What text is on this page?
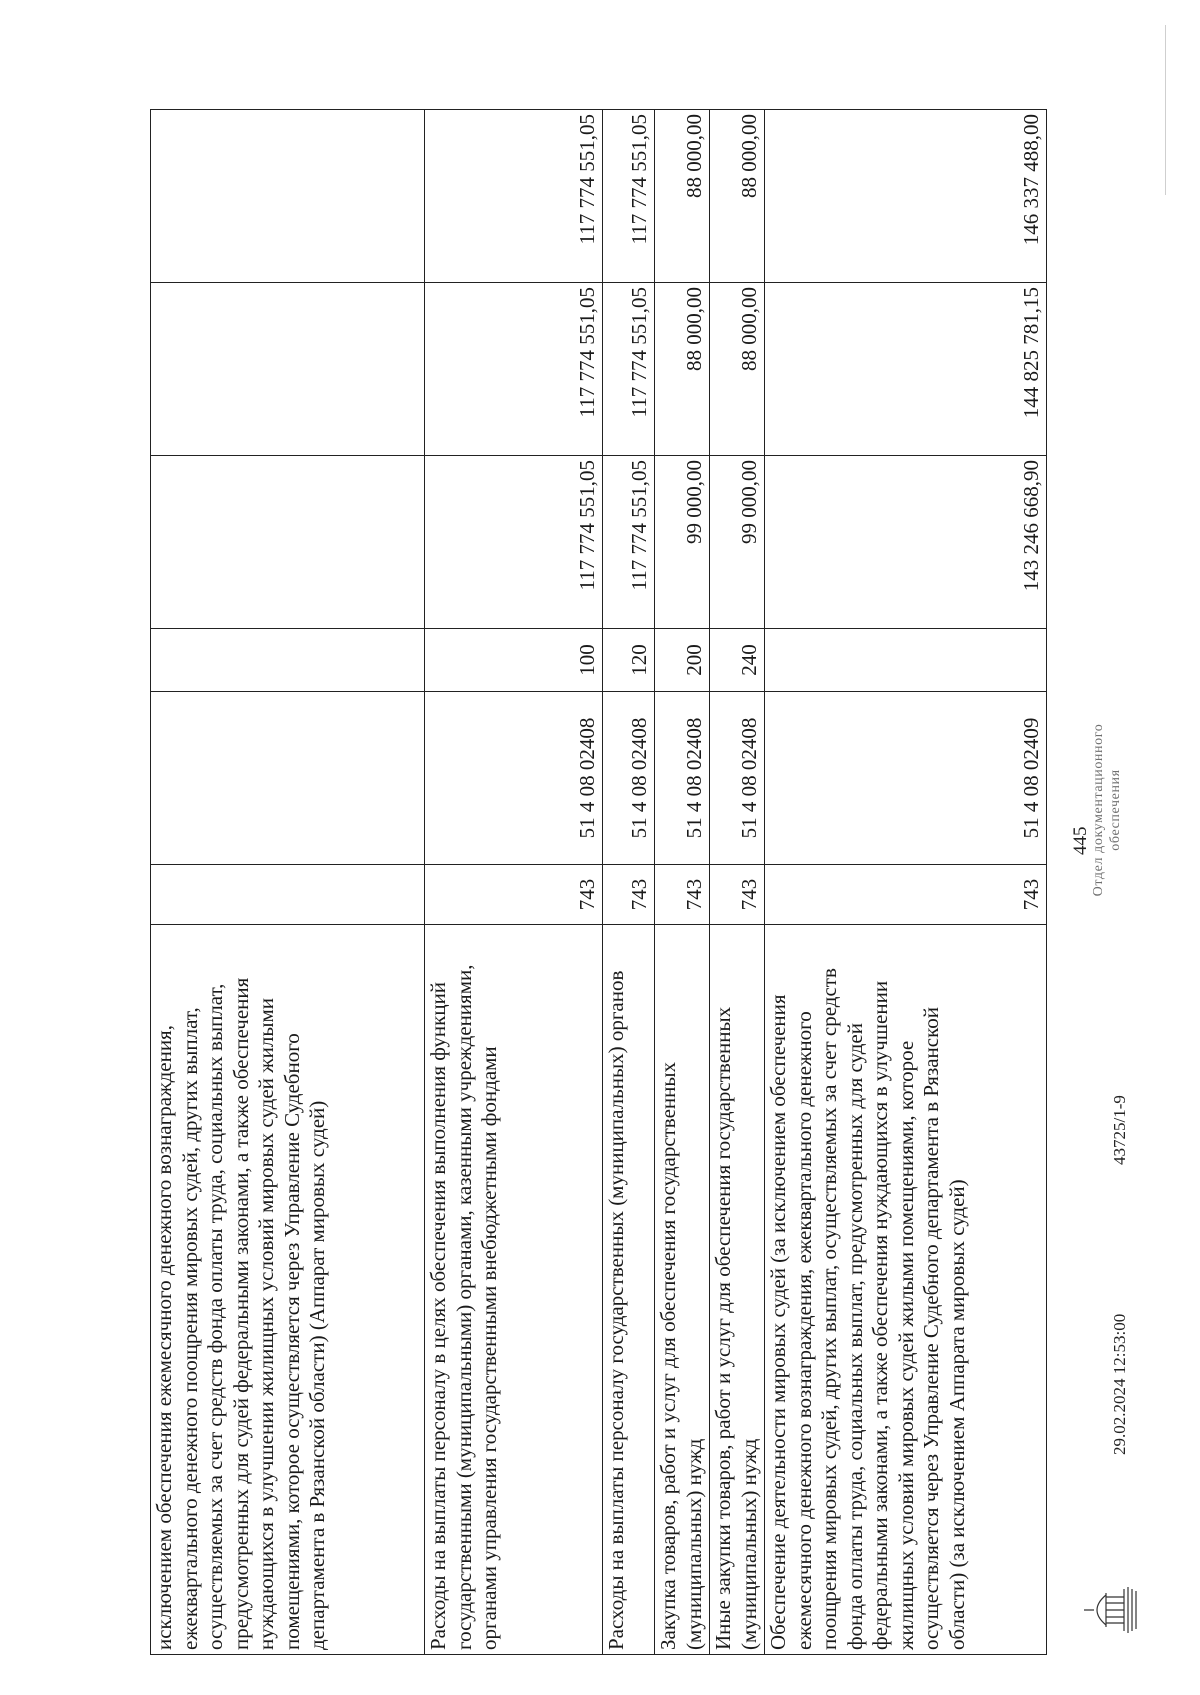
445
исключением обеспечения ежемесячного денежного вознаграждения, ежеквартального денежного поощрения мировых судей, других выплат, осуществляемых за счет средств фонда оплаты труда, социальных выплат, предусмотренных для судей федеральными законами, а также обеспечения нуждающихся в улучшении жилищных условий мировых судей жилыми помещениями, которое осуществляется через Управление Судебного департамента в Рязанской области) (Аппарат мировых судей)						
Расходы на выплаты персоналу в целях обеспечения выполнения функций государственными (муниципальными) органами, казенными учреждениями, органами управления государственными внебюджетными фондами	743	51 4 08 02408	100	117 774 551,05	117 774 551,05	117 774 551,05
Расходы на выплаты персоналу государственных (муниципальных) органов	743	51 4 08 02408	120	117 774 551,05	117 774 551,05	117 774 551,05
Закупка товаров, работ и услуг для обеспечения государственных (муниципальных) нужд	743	51 4 08 02408	200	99 000,00	88 000,00	88 000,00
Иные закупки товаров, работ и услуг для обеспечения государственных (муниципальных) нужд	743	51 4 08 02408	240	99 000,00	88 000,00	88 000,00
Обеспечение деятельности мировых судей (за исключением обеспечения ежемесячного денежного вознаграждения, ежеквартального денежного поощрения мировых судей, других выплат, осуществляемых за счет средств фонда оплаты труда, социальных выплат, предусмотренных для судей федеральными законами, а также обеспечения нуждающихся в улучшении жилищных условий мировых судей жилыми помещениями, которое осуществляется через Управление Судебного департамента в Рязанской области) (за исключением Аппарата мировых судей)	743	51 4 08 02409		143 246 668,90	144 825 781,15	146 337 488,00
29.02.2024 12:53:00
43725/1-9
Отдел документационного обеспечения
